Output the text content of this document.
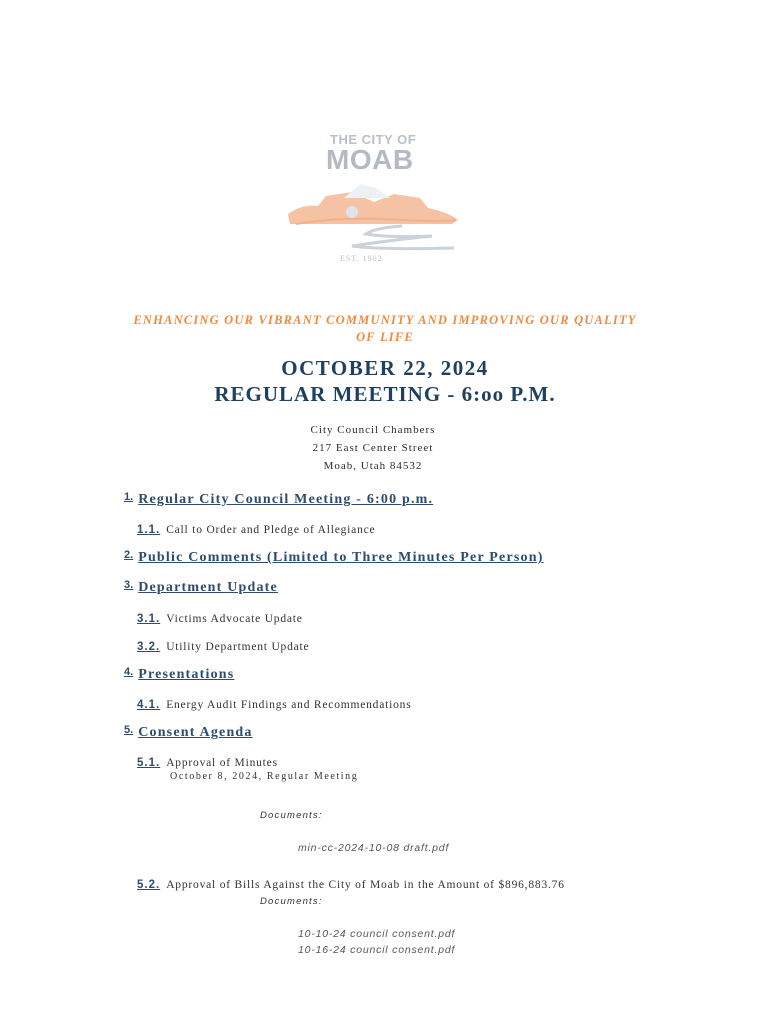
THE CITY OF
MOAB
EST. 1902
ENHANCING OUR VIBRANT COMMUNITY AND IMPROVING OUR QUALITY
OF LIFE
OCTOBER 22, 2024
REGULAR MEETING - 6:oo P.M.
City Council Chambers
217 East Center Street
Moab, Utah 84532
1. Regular City Council Meeting - 6:00 p.m.
1.1. Call to Order and Pledge of Allegiance
2. Public Comments (Limited to Three Minutes Per Person)
3. Department Update
3.1. Victims Advocate Update
3.2. Utility Department Update
4. Presentations
4.1. Energy Audit Findings and Recommendations
5. Consent Agenda
5.1. Approval of Minutes
October 8, 2024, Regular Meeting
Documents:
min-cc-2024-10-08 draft.pdf
5.2. Approval of Bills Against the City of Moab in the Amount of $896,883.76
Documents:
10-10-24 council consent.pdf
10-16-24 council consent.pdf
